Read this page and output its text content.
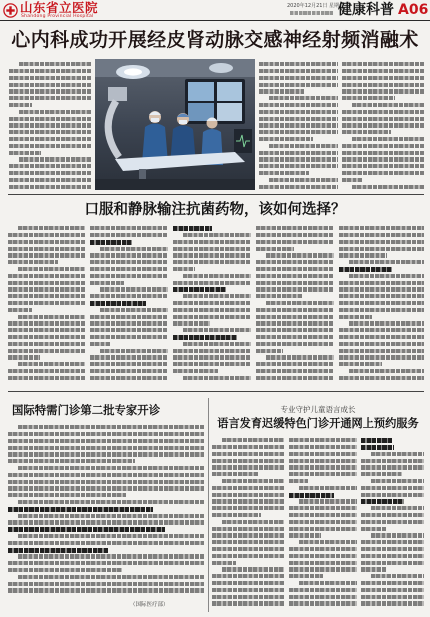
山东省立医院
Shandong Provincial Hospital
2020年12月21日 星期一
健康科普 A06
心内科成功开展经皮肾动脉交感神经射频消融术
口服和静脉输注抗菌药物，该如何选择？
国际特需门诊第二批专家开诊
（国际医疗部）
专业守护儿童语言成长
语言发育迟缓特色门诊开通网上预约服务
